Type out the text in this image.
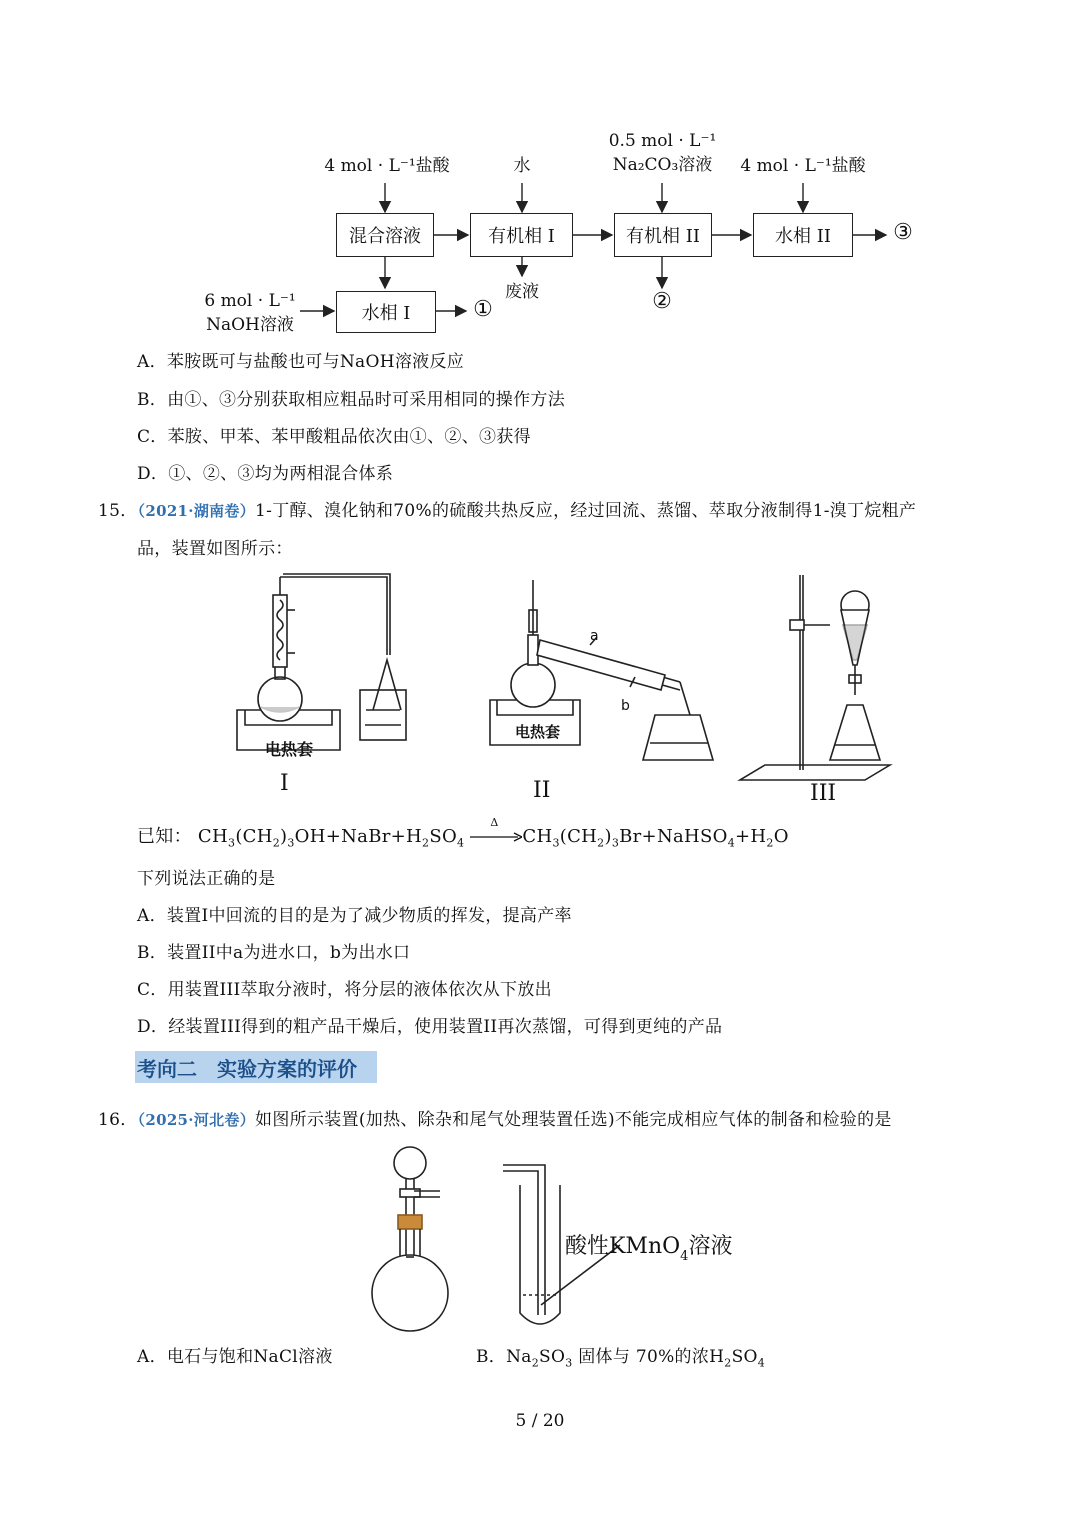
4 mol · L⁻¹盐酸	水
0.5 mol · L⁻¹
Na₂CO₃溶液	4 mol · L⁻¹盐酸
混合溶液	有机相 I	有机相 II	水相 II
水相 I
③
②
①
废液
6 mol · L⁻¹
NaOH溶液
A．苯胺既可与盐酸也可与NaOH溶液反应
B．由①、③分别获取相应粗品时可采用相同的操作方法
C．苯胺、甲苯、苯甲酸粗品依次由①、②、③获得
D．①、②、③均为两相混合体系
15．（2021·湖南卷）1-丁醇、溴化钠和70%的硫酸共热反应，经过回流、蒸馏、萃取分液制得1-溴丁烷粗产
品，装置如图所示：
电热套
电热套
a
b
I	II	III
已知： $CH_3(CH_2)_3OH+NaBr+H_2SO_4$
Δ
$CH_3(CH_2)_3Br+NaHSO_4+H_2O$
下列说法正确的是
A．装置I中回流的目的是为了减少物质的挥发，提高产率
B．装置II中a为进水口，b为出水口
C．用装置III萃取分液时，将分层的液体依次从下放出
D．经装置III得到的粗产品干燥后，使用装置II再次蒸馏，可得到更纯的产品
考向二　实验方案的评价
16．（2025·河北卷）如图所示装置(加热、除杂和尾气处理装置任选)不能完成相应气体的制备和检验的是
酸性KMnO$_4$溶液
A．电石与饱和NaCl溶液	B．$Na_2SO_3$ 固体与 70%的浓$H_2SO_4$
5 / 20
